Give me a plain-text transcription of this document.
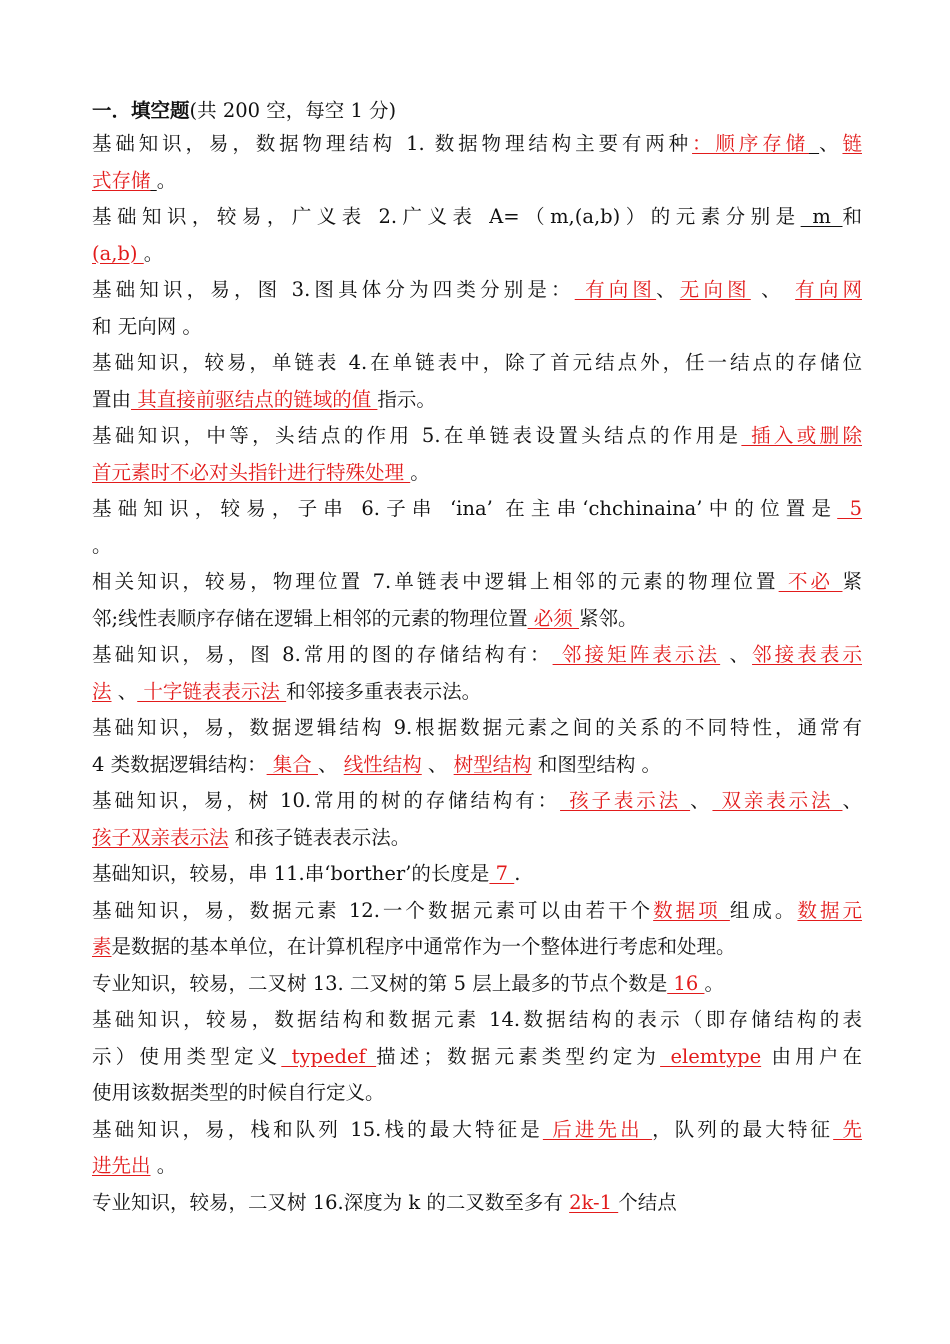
一．填空题(共 200 空，每空 1 分)
基础知识，易，数据物理结构 1. 数据物理结构主要有两种：顺序存储 、链
式存储 。
基础知识，较易，广义表 2.广义表 A=（m,(a,b)）的元素分别是 m 和
(a,b) 。
基础知识，易，图 3.图具体分为四类分别是： 有向图、无向图 、 有向网
和 无向网 。
基础知识，较易，单链表 4.在单链表中，除了首元结点外，任一结点的存储位
置由 其直接前驱结点的链域的值 指示。
基础知识，中等，头结点的作用 5.在单链表设置头结点的作用是 插入或删除
首元素时不必对头指针进行特殊处理 。
基础知识，较易，子串 6.子串 ‘ina’ 在主串‘chchinaina’中的位置是 5
。
相关知识，较易，物理位置 7.单链表中逻辑上相邻的元素的物理位置 不必 紧
邻;线性表顺序存储在逻辑上相邻的元素的物理位置 必须 紧邻。
基础知识，易，图 8.常用的图的存储结构有： 邻接矩阵表示法 、邻接表表示
法 、 十字链表表示法 和邻接多重表表示法。
基础知识，易，数据逻辑结构 9.根据数据元素之间的关系的不同特性，通常有
4 类数据逻辑结构： 集合 、 线性结构 、 树型结构 和图型结构 。
基础知识，易，树 10.常用的树的存储结构有： 孩子表示法 、 双亲表示法 、
孩子双亲表示法 和孩子链表表示法。
基础知识，较易，串 11.串‘borther’的长度是 7 .
基础知识，易，数据元素 12.一个数据元素可以由若干个数据项 组成。数据元
素是数据的基本单位，在计算机程序中通常作为一个整体进行考虑和处理。
专业知识，较易，二叉树 13. 二叉树的第 5 层上最多的节点个数是 16 。
基础知识，较易，数据结构和数据元素 14.数据结构的表示（即存储结构的表
示）使用类型定义 typedef 描述；数据元素类型约定为 elemtype 由用户在
使用该数据类型的时候自行定义。
基础知识，易，栈和队列 15.栈的最大特征是 后进先出 ，队列的最大特征 先
进先出 。
专业知识，较易，二叉树 16.深度为 k 的二叉数至多有 2k-1 个结点
